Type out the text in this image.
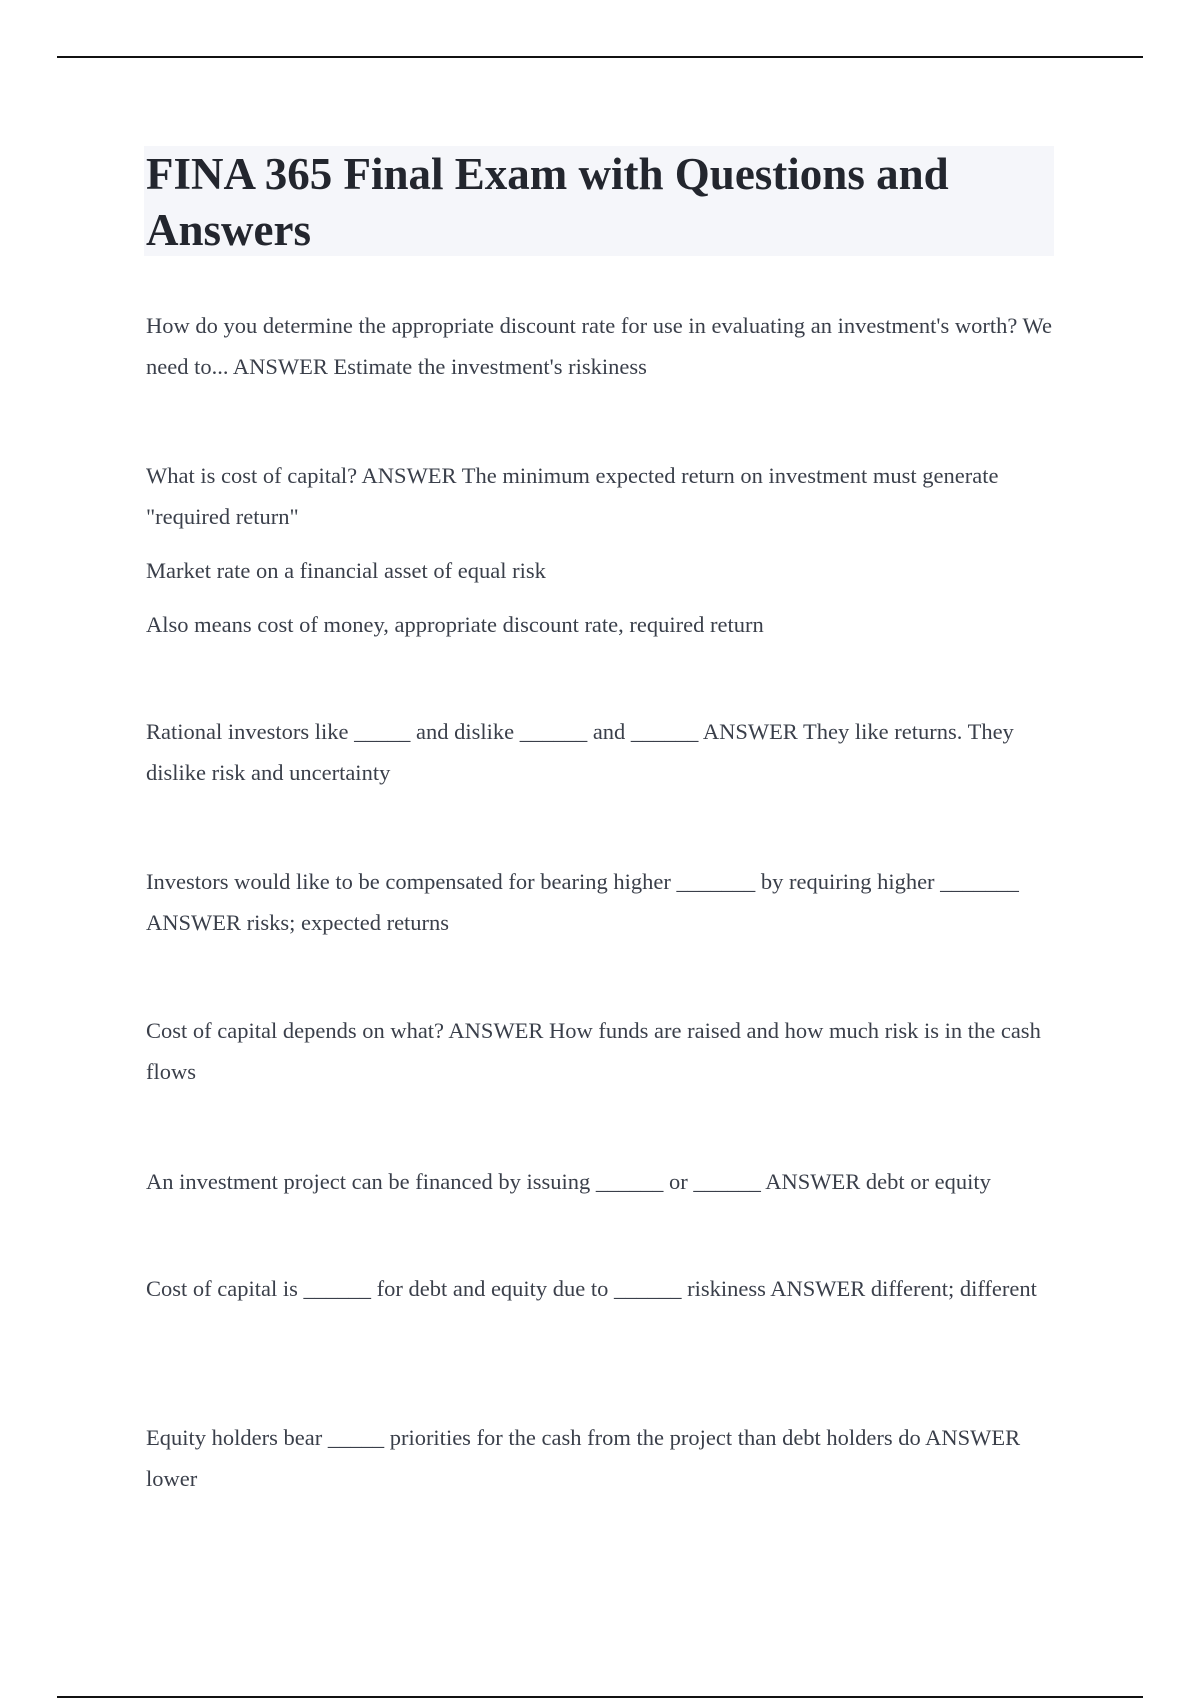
FINA 365 Final Exam with Questions and Answers

How do you determine the appropriate discount rate for use in evaluating an investment's worth? We need to... ANSWER Estimate the investment's riskiness

What is cost of capital? ANSWER The minimum expected return on investment must generate "required return"

Market rate on a financial asset of equal risk

Also means cost of money, appropriate discount rate, required return

Rational investors like _____ and dislike ______ and ______ ANSWER They like returns. They dislike risk and uncertainty

Investors would like to be compensated for bearing higher _______ by requiring higher _______ ANSWER risks; expected returns

Cost of capital depends on what? ANSWER How funds are raised and how much risk is in the cash flows

An investment project can be financed by issuing ______ or ______ ANSWER debt or equity

Cost of capital is ______ for debt and equity due to ______ riskiness ANSWER different; different

Equity holders bear _____ priorities for the cash from the project than debt holders do ANSWER lower
